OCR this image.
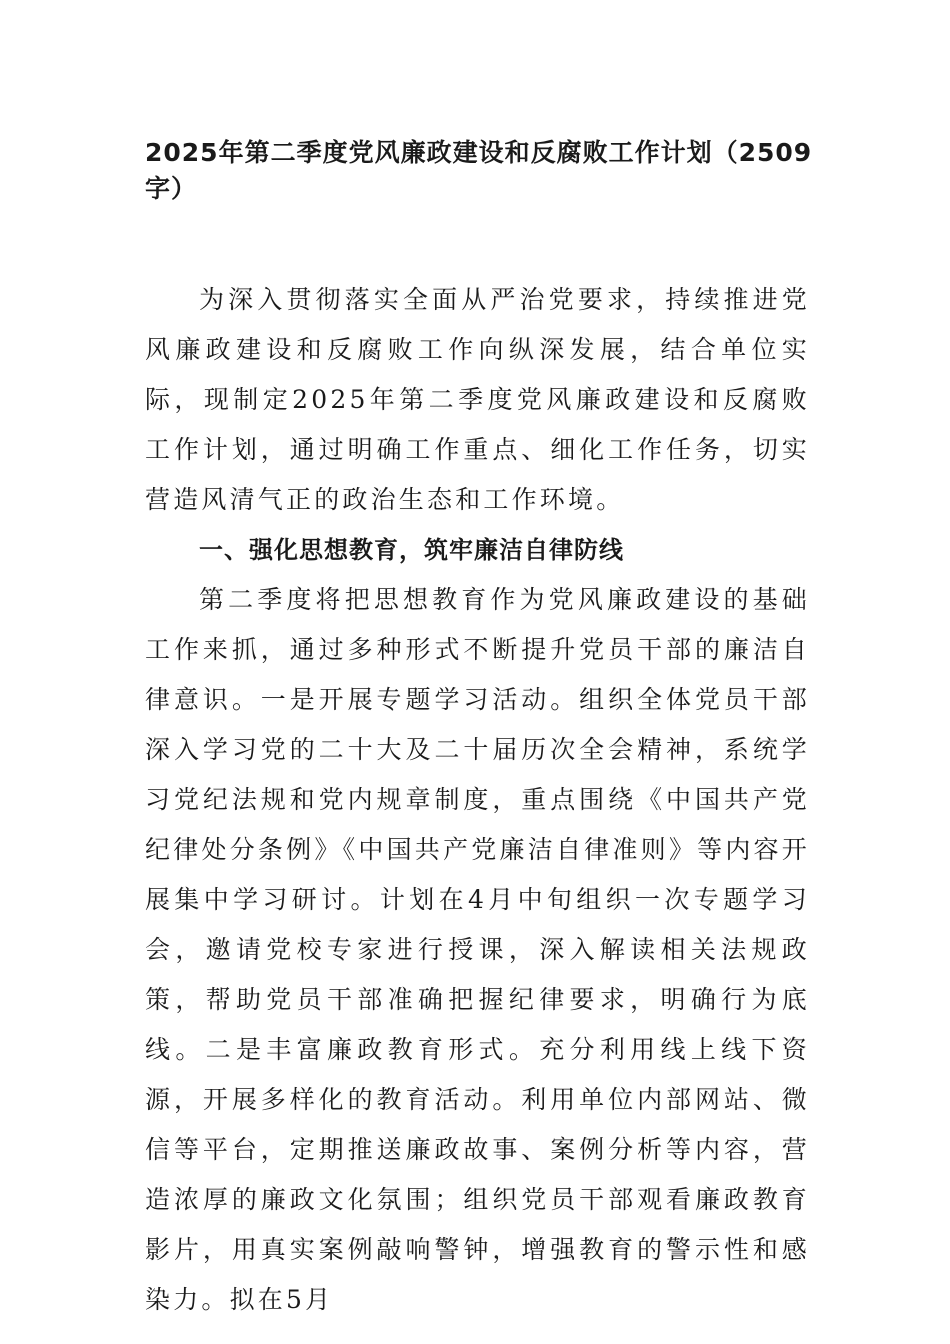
2025年第二季度党风廉政建设和反腐败工作计划（2509字）

为深入贯彻落实全面从严治党要求，持续推进党风廉政建设和反腐败工作向纵深发展，结合单位实际，现制定2025年第二季度党风廉政建设和反腐败工作计划，通过明确工作重点、细化工作任务，切实营造风清气正的政治生态和工作环境。

一、强化思想教育，筑牢廉洁自律防线

第二季度将把思想教育作为党风廉政建设的基础工作来抓，通过多种形式不断提升党员干部的廉洁自律意识。一是开展专题学习活动。组织全体党员干部深入学习党的二十大及二十届历次全会精神，系统学习党纪法规和党内规章制度，重点围绕《中国共产党纪律处分条例》《中国共产党廉洁自律准则》等内容开展集中学习研讨。计划在4月中旬组织一次专题学习会，邀请党校专家进行授课，深入解读相关法规政策，帮助党员干部准确把握纪律要求，明确行为底线。二是丰富廉政教育形式。充分利用线上线下资源，开展多样化的教育活动。利用单位内部网站、微信等平台，定期推送廉政故事、案例分析等内容，营造浓厚的廉政文化氛围；组织党员干部观看廉政教育影片，用真实案例敲响警钟，增强教育的警示性和感染力。拟在5月
